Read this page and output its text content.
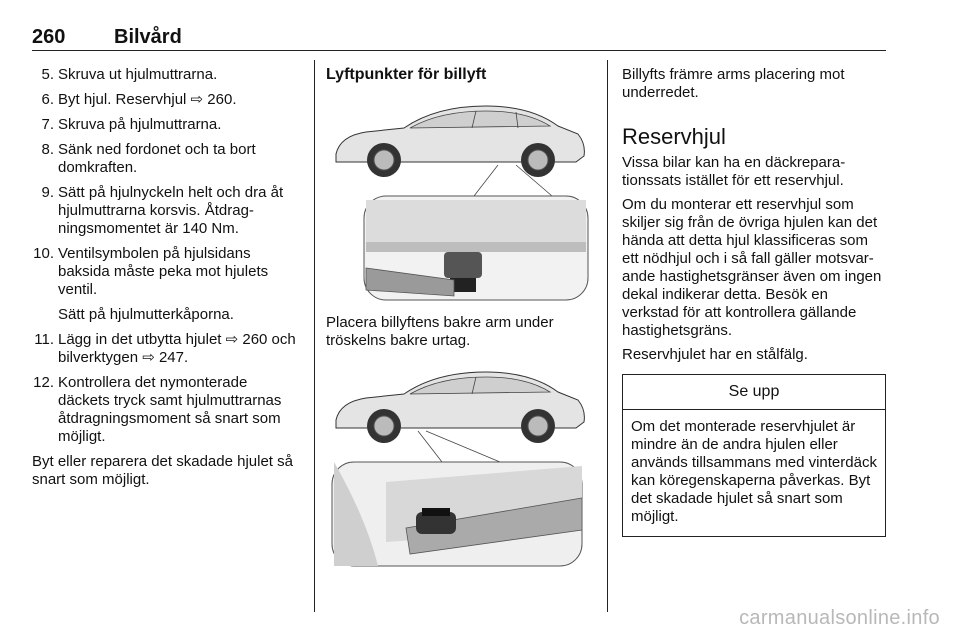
260 Bilvård
5. Skruva ut hjulmuttrarna.
6. Byt hjul. Reservhjul ⇨ 260.
7. Skruva på hjulmuttrarna.
8. Sänk ned fordonet och ta bort domkraften.
9. Sätt på hjulnyckeln helt och dra åt hjulmuttrarna korsvis. Åtdragningsmomentet är 140 Nm.
10. Ventilsymbolen på hjulsidans baksida måste peka mot hjulets ventil.
Sätt på hjulmutterkåporna.
11. Lägg in det utbytta hjulet ⇨ 260 och bilverktygen ⇨ 247.
12. Kontrollera det nymonterade däckets tryck samt hjulmuttrarnas åtdragningsmoment så snart som möjligt.

Byt eller reparera det skadade hjulet så snart som möjligt.

Lyftpunkter för billyft

Placera billyftens bakre arm under tröskelns bakre urtag.

Billyfts främre arms placering mot underredet.

Reservhjul

Vissa bilar kan ha en däckreparationssats istället för ett reservhjul.

Om du monterar ett reservhjul som skiljer sig från de övriga hjulen kan det hända att detta hjul klassificeras som ett nödhjul och i så fall gäller motsvarande hastighetsgränser även om ingen dekal indikerar detta. Besök en verkstad för att kontrollera gällande hastighetsgräns.

Reservhjulet har en stålfälg.

Se upp
Om det monterade reservhjulet är mindre än de andra hjulen eller används tillsammans med vinterdäck kan köregenskaperna påverkas. Byt det skadade hjulet så snart som möjligt.
carmanualsonline.info
